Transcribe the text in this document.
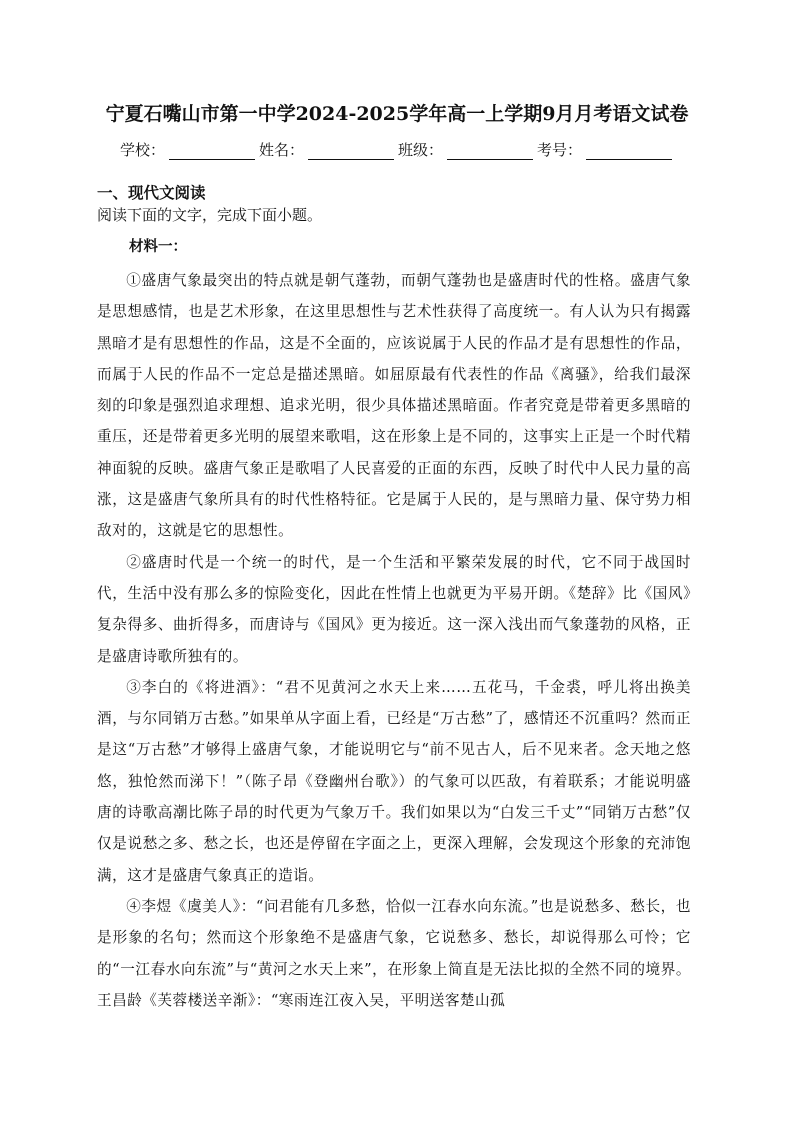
宁夏石嘴山市第一中学2024-2025学年高一上学期9月月考语文试卷
学校：	姓名：	班级：	考号：
一、现代文阅读
阅读下面的文字，完成下面小题。
材料一：

①盛唐气象最突出的特点就是朝气蓬勃，而朝气蓬勃也是盛唐时代的性格。盛唐气象是思想感情，也是艺术形象，在这里思想性与艺术性获得了高度统一。有人认为只有揭露黑暗才是有思想性的作品，这是不全面的，应该说属于人民的作品才是有思想性的作品，而属于人民的作品不一定总是描述黑暗。如屈原最有代表性的作品《离骚》，给我们最深刻的印象是强烈追求理想、追求光明，很少具体描述黑暗面。作者究竟是带着更多黑暗的重压，还是带着更多光明的展望来歌唱，这在形象上是不同的，这事实上正是一个时代精神面貌的反映。盛唐气象正是歌唱了人民喜爱的正面的东西，反映了时代中人民力量的高涨，这是盛唐气象所具有的时代性格特征。它是属于人民的，是与黑暗力量、保守势力相敌对的，这就是它的思想性。

②盛唐时代是一个统一的时代，是一个生活和平繁荣发展的时代，它不同于战国时代，生活中没有那么多的惊险变化，因此在性情上也就更为平易开朗。《楚辞》比《国风》复杂得多、曲折得多，而唐诗与《国风》更为接近。这一深入浅出而气象蓬勃的风格，正是盛唐诗歌所独有的。

③李白的《将进酒》：“君不见黄河之水天上来……五花马，千金裘，呼儿将出换美酒，与尔同销万古愁。”如果单从字面上看，已经是“万古愁”了，感情还不沉重吗？然而正是这“万古愁”才够得上盛唐气象，才能说明它与“前不见古人，后不见来者。念天地之悠悠，独怆然而涕下！”（陈子昂《登幽州台歌》）的气象可以匹敌，有着联系；才能说明盛唐的诗歌高潮比陈子昂的时代更为气象万千。我们如果以为“白发三千丈”“同销万古愁”仅仅是说愁之多、愁之长，也还是停留在字面之上，更深入理解，会发现这个形象的充沛饱满，这才是盛唐气象真正的造诣。

④李煜《虞美人》：“问君能有几多愁，恰似一江春水向东流。”也是说愁多、愁长，也是形象的名句；然而这个形象绝不是盛唐气象，它说愁多、愁长，却说得那么可怜；它的“一江春水向东流”与“黄河之水天上来”，在形象上简直是无法比拟的全然不同的境界。王昌龄《芙蓉楼送辛渐》：“寒雨连江夜入吴，平明送客楚山孤
